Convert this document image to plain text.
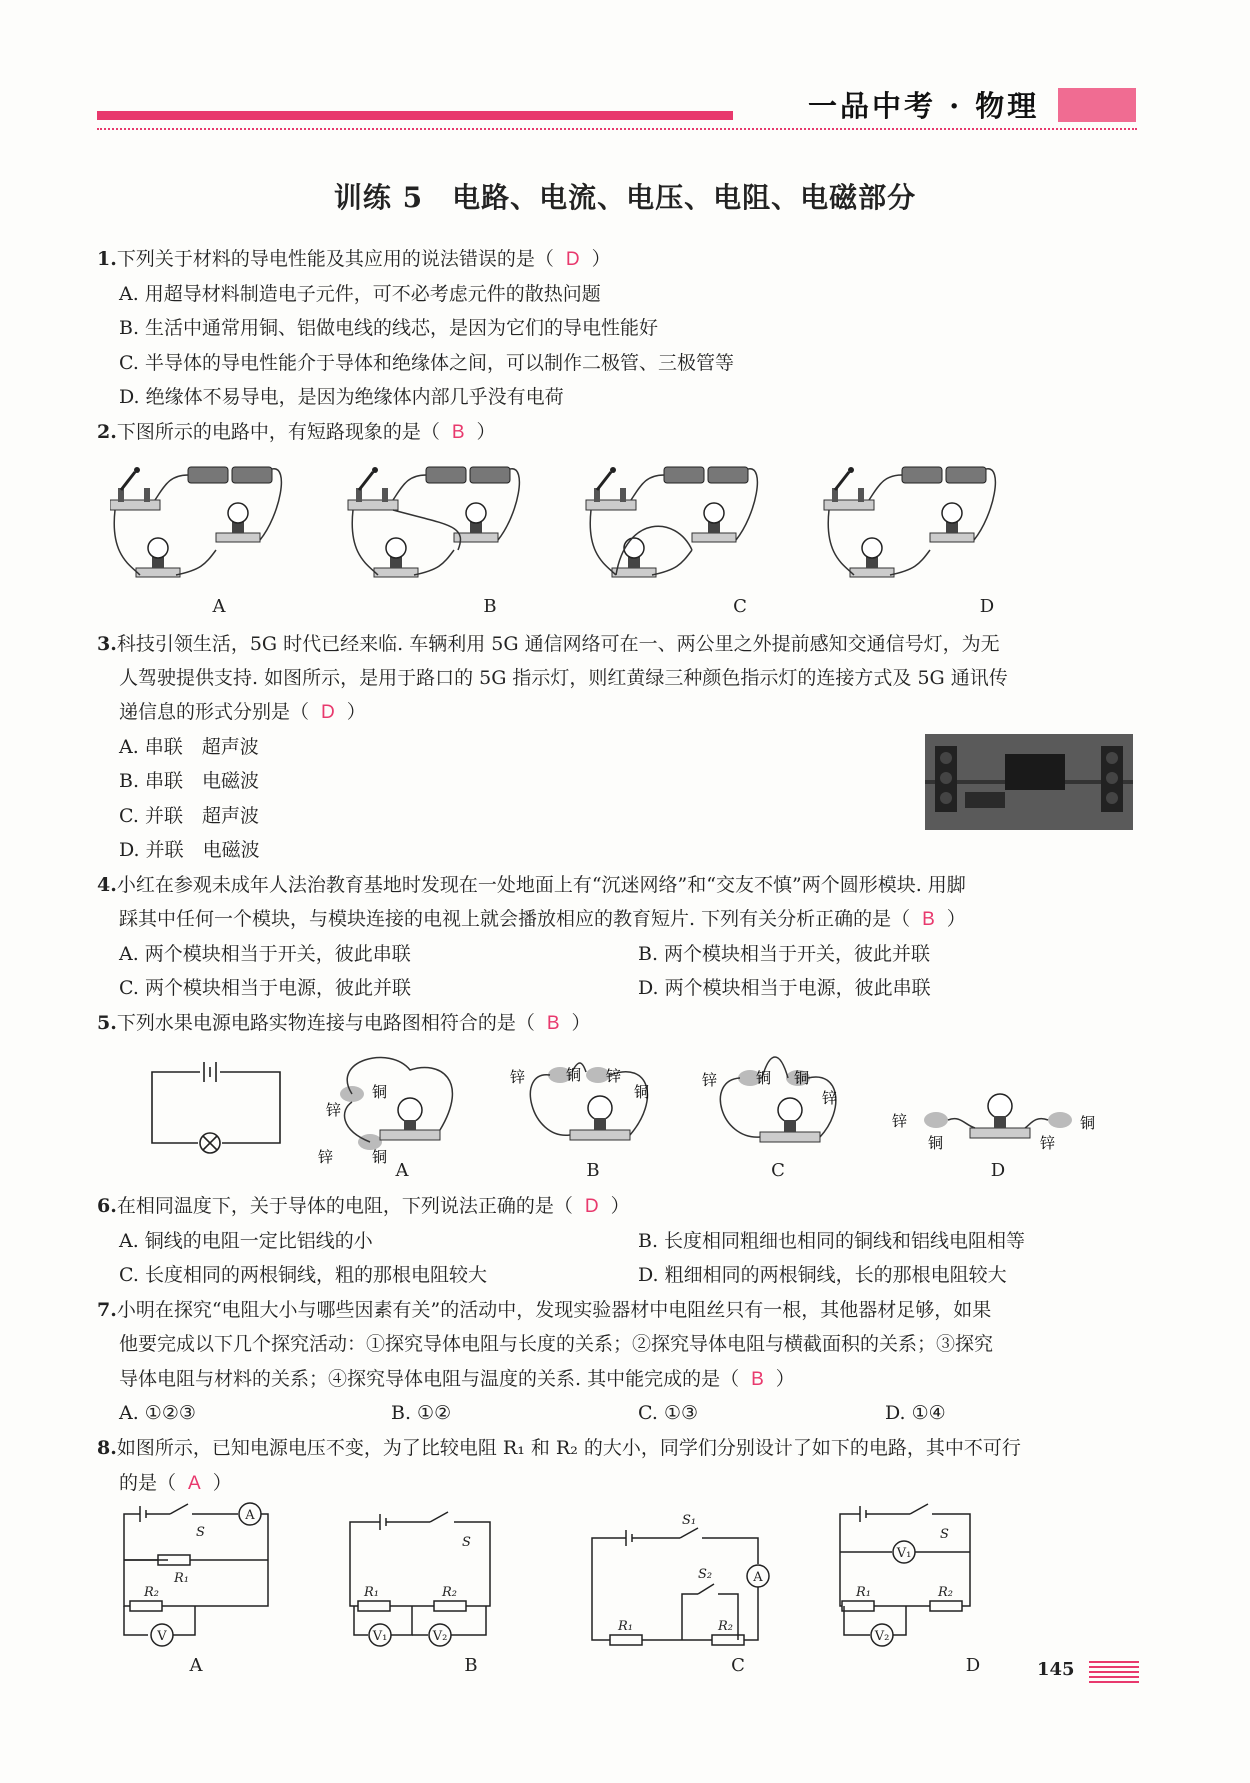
一品中考 · 物理
训练 5　电路、电流、电压、电阻、电磁部分
1.下列关于材料的导电性能及其应用的说法错误的是（ D ）
A. 用超导材料制造电子元件，可不必考虑元件的散热问题
B. 生活中通常用铜、铝做电线的线芯，是因为它们的导电性能好
C. 半导体的导电性能介于导体和绝缘体之间，可以制作二极管、三极管等
D. 绝缘体不易导电，是因为绝缘体内部几乎没有电荷
2.下图所示的电路中，有短路现象的是（ B ）
A	B	C	D
3.科技引领生活，5G 时代已经来临. 车辆利用 5G 通信网络可在一、两公里之外提前感知交通信号灯，为无
人驾驶提供支持. 如图所示，是用于路口的 5G 指示灯，则红黄绿三种颜色指示灯的连接方式及 5G 通讯传
递信息的形式分别是（ D ）
A. 串联　超声波
B. 串联　电磁波
C. 并联　超声波
D. 并联　电磁波
4.小红在参观未成年人法治教育基地时发现在一处地面上有“沉迷网络”和“交友不慎”两个圆形模块. 用脚
踩其中任何一个模块，与模块连接的电视上就会播放相应的教育短片. 下列有关分析正确的是（ B ）
A. 两个模块相当于开关，彼此串联	B. 两个模块相当于开关，彼此并联
C. 两个模块相当于电源，彼此并联	D. 两个模块相当于电源，彼此串联
5.下列水果电源电路实物连接与电路图相符合的是（ B ）
锌
铜
锌	铜
锌	铜 锌
铜
锌	铜 铜
锌
锌
铜
铜
锌
A	B	C	D
6.在相同温度下，关于导体的电阻，下列说法正确的是（ D ）
A. 铜线的电阻一定比铝线的小	B. 长度相同粗细也相同的铜线和铝线电阻相等
C. 长度相同的两根铜线，粗的那根电阻较大	D. 粗细相同的两根铜线，长的那根电阻较大
7.小明在探究“电阻大小与哪些因素有关”的活动中，发现实验器材中电阻丝只有一根，其他器材足够，如果
他要完成以下几个探究活动：①探究导体电阻与长度的关系；②探究导体电阻与横截面积的关系；③探究
导体电阻与材料的关系；④探究导体电阻与温度的关系. 其中能完成的是（ B ）
A. ①②③	B. ①②	C. ①③	D. ①④
8.如图所示，已知电源电压不变，为了比较电阻 R₁ 和 R₂ 的大小，同学们分别设计了如下的电路，其中不可行
的是（ A ）
A
S
R₁
R₂
V
S
R₁	R₂
V₁	V₂
A
S₁
S₂
R₁	R₂
S
V₁
R₁	R₂
V₂
A	B	C	D	145
